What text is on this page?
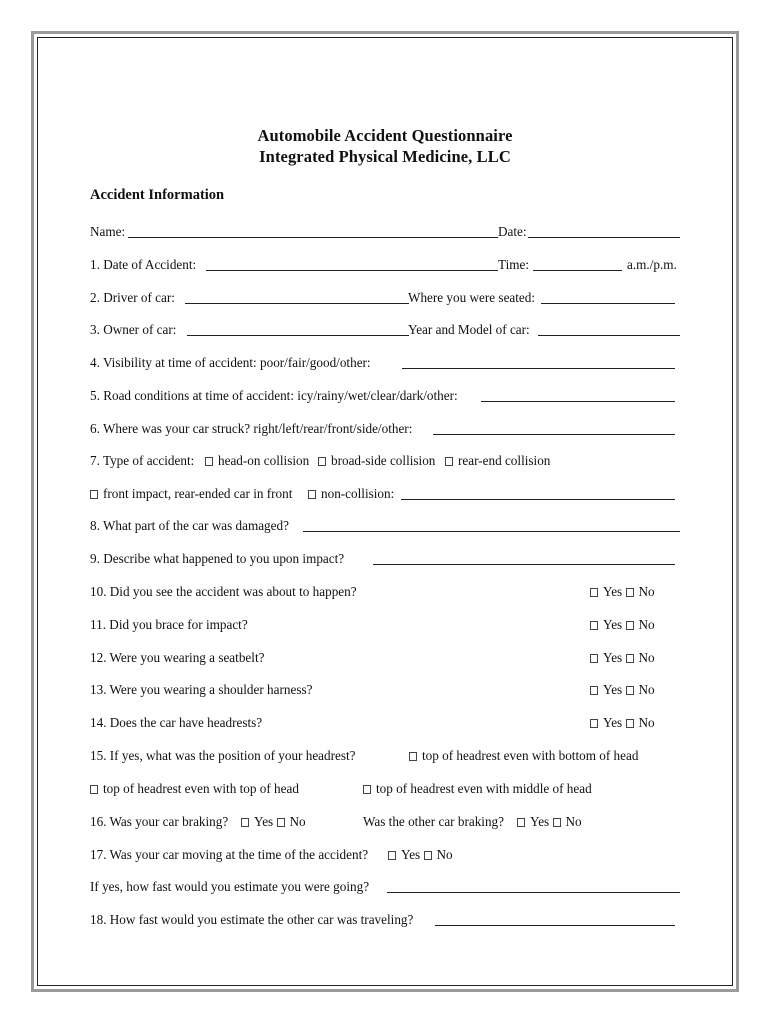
Automobile Accident Questionnaire
Integrated Physical Medicine, LLC
Accident Information
Name:	Date:
1. Date of Accident:	Time:	a.m./p.m.
2. Driver of car:	Where you were seated:
3. Owner of car:	Year and Model of car:
4. Visibility at time of accident: poor/fair/good/other:
5. Road conditions at time of accident: icy/rainy/wet/clear/dark/other:
6. Where was your car struck? right/left/rear/front/side/other:
7. Type of accident:	head-on collision	broad-side collision	rear-end collision
front impact, rear-ended car in front	non-collision:
8. What part of the car was damaged?
9. Describe what happened to you upon impact?
10. Did you see the accident was about to happen?	Yes No
11. Did you brace for impact?	Yes No
12. Were you wearing a seatbelt?	Yes No
13. Were you wearing a shoulder harness?	Yes No
14. Does the car have headrests?	Yes No
15. If yes, what was the position of your headrest?	top of headrest even with bottom of head
top of headrest even with top of head	top of headrest even with middle of head
16. Was your car braking?	Yes No	Was the other car braking?	Yes No
17. Was your car moving at the time of the accident?	Yes No
If yes, how fast would you estimate you were going?
18. How fast would you estimate the other car was traveling?
